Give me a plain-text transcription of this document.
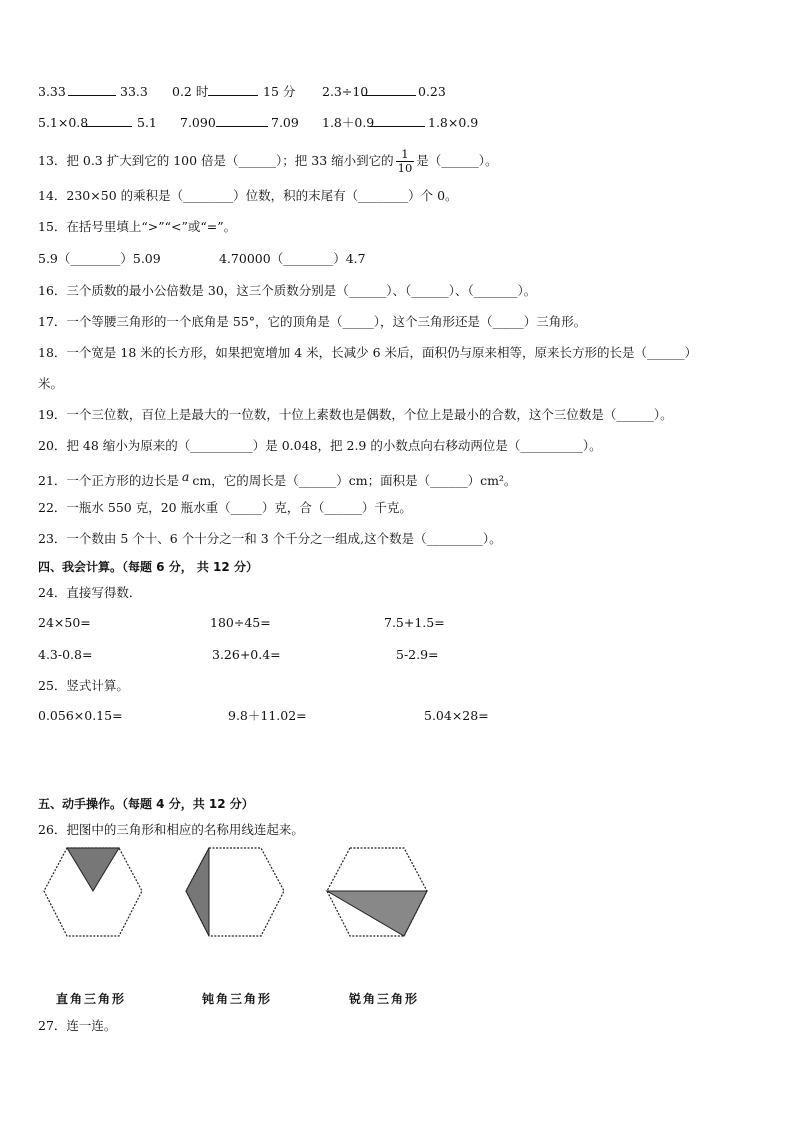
3.33	33.3 0.2 时	15 分 2.3÷10	0.23
5.1×0.8	5.1 7.090	7.09 1.8＋0.9	1.8×0.9
13．把 0.3 扩大到它的 100 倍是（______）；把 33 缩小到它的 $\frac{1}{10}$ 是（______）。
14．230×50 的乘积是（________）位数，积的末尾有（________）个 0。
15．在括号里填上“>”“<”或“=”。
5.9（________）5.09	4.70000（________）4.7
16．三个质数的最小公倍数是 30，这三个质数分别是（______）、（______）、（_______）。
17．一个等腰三角形的一个底角是 55°，它的顶角是（_____），这个三角形还是（_____）三角形。
18．一个宽是 18 米的长方形，如果把宽增加 4 米，长减少 6 米后，面积仍与原来相等，原来长方形的长是（______）
米。
19．一个三位数，百位上是最大的一位数，十位上素数也是偶数，个位上是最小的合数，这个三位数是（______）。
20．把 48 缩小为原来的（__________）是 0.048，把 2.9 的小数点向右移动两位是（__________）。
21．一个正方形的边长是 a cm，它的周长是（______）cm；面积是（______）cm²。
22．一瓶水 550 克，20 瓶水重（_____）克，合（______）千克。
23．一个数由 5 个十、6 个十分之一和 3 个千分之一组成,这个数是（_________）。
四、我会计算。（每题 6 分， 共 12 分）
24．直接写得数．
24×50=	180÷45=	7.5+1.5=
4.3-0.8=	3.26+0.4=	5-2.9=
25．竖式计算。
0.056×0.15=	9.8＋11.02=	5.04×28=
五、动手操作。（每题 4 分，共 12 分）
26．把图中的三角形和相应的名称用线连起来。
直角三角形	钝角三角形	锐角三角形
27．连一连。
